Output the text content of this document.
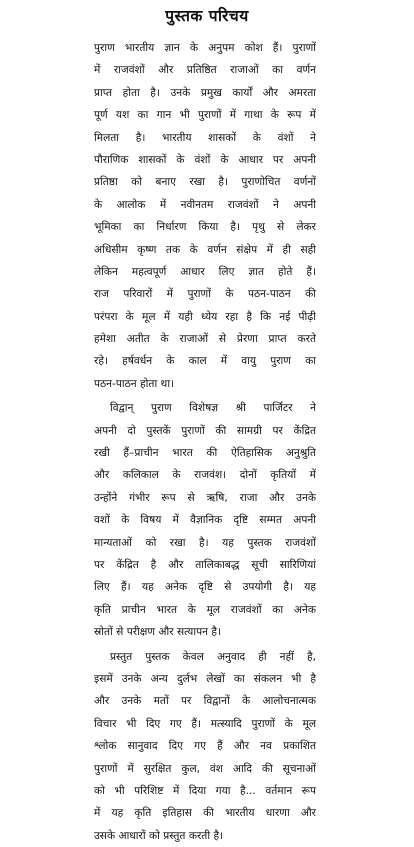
पुस्तक परिचय
पुराण भारतीय ज्ञान के अनुपम कोश हैं। पुराणों
में राजवंशों और प्रतिष्ठित राजाओं का वर्णन
प्राप्त होता है। उनके प्रमुख कार्यों और अमरता
पूर्ण यश का गान भी पुराणों में गाथा के रूप में
मिलता है। भारतीय शासकों के वंशों ने
पौराणिक शासकों के वंशों के आधार पर अपनी
प्रतिष्ठा को बनाए रखा है। पुराणोचित वर्णनों
के आलोक में नवीनतम राजवंशों ने अपनी
भूमिका का निर्धारण किया है। पृथु से लेकर
अधिसीम कृष्ण तक के वर्णन संक्षेप में ही सही
लेकिन महत्वपूर्ण आधार लिए ज्ञात होते हैं।
राज परिवारों में पुराणों के पठन-पाठन की
परंपरा के मूल में यही ध्येय रहा है कि नई पीढ़ी
हमेशा अतीत के राजाओं से प्रेरणा प्राप्त करते
रहे। हर्षवर्धन के काल में वायु पुराण का
पठन-पाठन होता था।
विद्वान् पुराण विशेषज्ञ श्री पार्जिटर ने
अपनी दो पुस्तकें पुराणों की सामग्री पर केंद्रित
रखी हैं–प्राचीन भारत की ऐतिहासिक अनुश्रुति
और कलिकाल के राजवंश। दोनों कृतियों में
उन्होंने गंभीर रूप से ऋषि, राजा और उनके
वशों के विषय में वैज्ञानिक दृष्टि सम्मत अपनी
मान्यताओं को रखा है। यह पुस्तक राजवंशों
पर केंद्रित है और तालिकाबद्ध सूची सारिणियां
लिए हैं। यह अनेक दृष्टि से उपयोगी है। यह
कृति प्राचीन भारत के मूल राजवंशों का अनेक
स्रोतों से परीक्षण और सत्यापन है।
प्रस्तुत पुस्तक केवल अनुवाद ही नहीं है,
इसमें उनके अन्य दुर्लभ लेखों का संकलन भी है
और उनके मतों पर विद्वानों के आलोचनात्मक
विचार भी दिए गए हैं। मत्स्यादि पुराणों के मूल
श्लोक सानुवाद दिए गए हैं और नव प्रकाशित
पुराणों में सुरक्षित कुल, वंश आदि की सूचनाओं
को भी परिशिष्ट में दिया गया है... वर्तमान रूप
में यह कृति इतिहास की भारतीय धारणा और
उसके आधारों को प्रस्तुत करती है।
